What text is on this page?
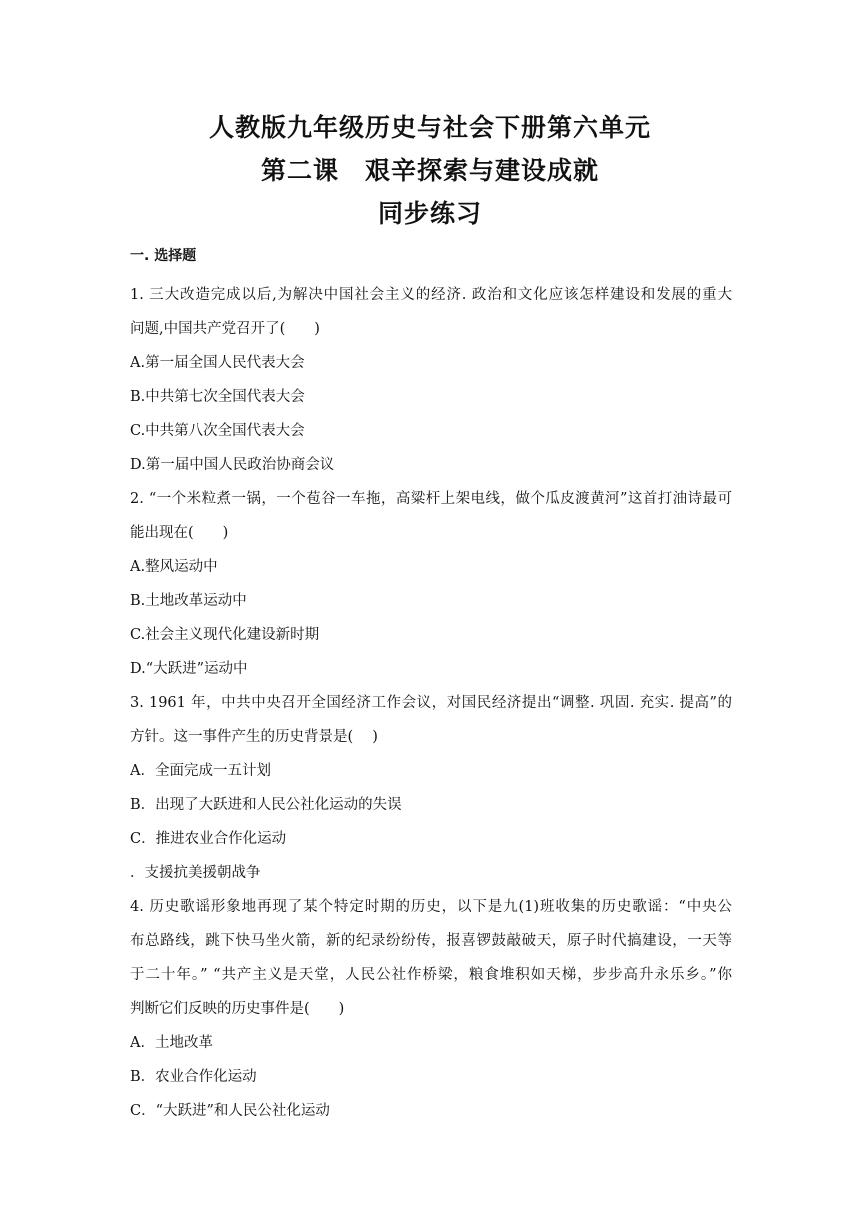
人教版九年级历史与社会下册第六单元
第二课　艰辛探索与建设成就
同步练习
一. 选择题
1. 三大改造完成以后,为解决中国社会主义的经济. 政治和文化应该怎样建设和发展的重大
问题,中国共产党召开了(　　)
A.第一届全国人民代表大会
B.中共第七次全国代表大会
C.中共第八次全国代表大会
D.第一届中国人民政治协商会议
2. “一个米粒煮一锅，一个苞谷一车拖，高粱杆上架电线，做个瓜皮渡黄河”这首打油诗最可
能出现在(　　)
A.整风运动中
B.土地改革运动中
C.社会主义现代化建设新时期
D.“大跃进”运动中
3. 1961 年，中共中央召开全国经济工作会议，对国民经济提出“调整. 巩固. 充实. 提高”的
方针。这一事件产生的历史背景是(　 )
A．全面完成一五计划
B．出现了大跃进和人民公社化运动的失误
C．推进农业合作化运动
．支援抗美援朝战争
4. 历史歌谣形象地再现了某个特定时期的历史，以下是九(1)班收集的历史歌谣：“中央公
布总路线，跳下快马坐火箭，新的纪录纷纷传，报喜锣鼓敲破天，原子时代搞建设，一天等
于二十年。” “共产主义是天堂，人民公社作桥梁，粮食堆积如天梯，步步高升永乐乡。”你
判断它们反映的历史事件是(　　)
A．土地改革
B．农业合作化运动
C．“大跃进”和人民公社化运动
